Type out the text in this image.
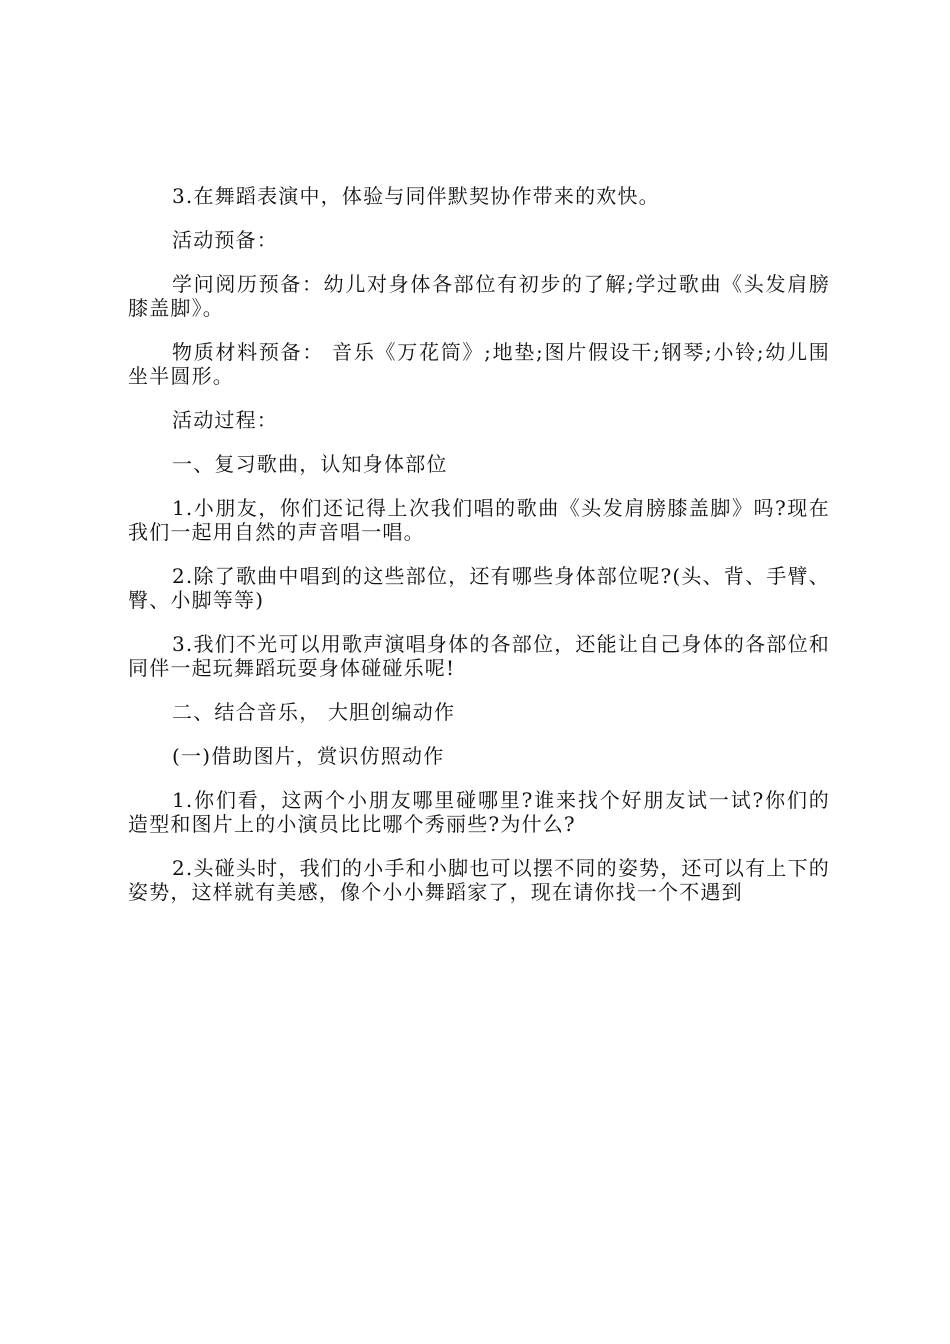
3.在舞蹈表演中，体验与同伴默契协作带来的欢快。

活动预备：

学问阅历预备：幼儿对身体各部位有初步的了解;学过歌曲《头发肩膀膝盖脚》。

物质材料预备： 音乐《万花筒》;地垫;图片假设干;钢琴;小铃;幼儿围坐半圆形。

活动过程：

一、复习歌曲，认知身体部位

1.小朋友，你们还记得上次我们唱的歌曲《头发肩膀膝盖脚》吗?现在我们一起用自然的声音唱一唱。

2.除了歌曲中唱到的这些部位，还有哪些身体部位呢?(头、背、手臂、臀、小脚等等)

3.我们不光可以用歌声演唱身体的各部位，还能让自己身体的各部位和同伴一起玩舞蹈玩耍身体碰碰乐呢!

二、结合音乐， 大胆创编动作

(一)借助图片，赏识仿照动作

1.你们看，这两个小朋友哪里碰哪里?谁来找个好朋友试一试?你们的造型和图片上的小演员比比哪个秀丽些?为什么?

2.头碰头时，我们的小手和小脚也可以摆不同的姿势，还可以有上下的姿势，这样就有美感，像个小小舞蹈家了，现在请你找一个不遇到
